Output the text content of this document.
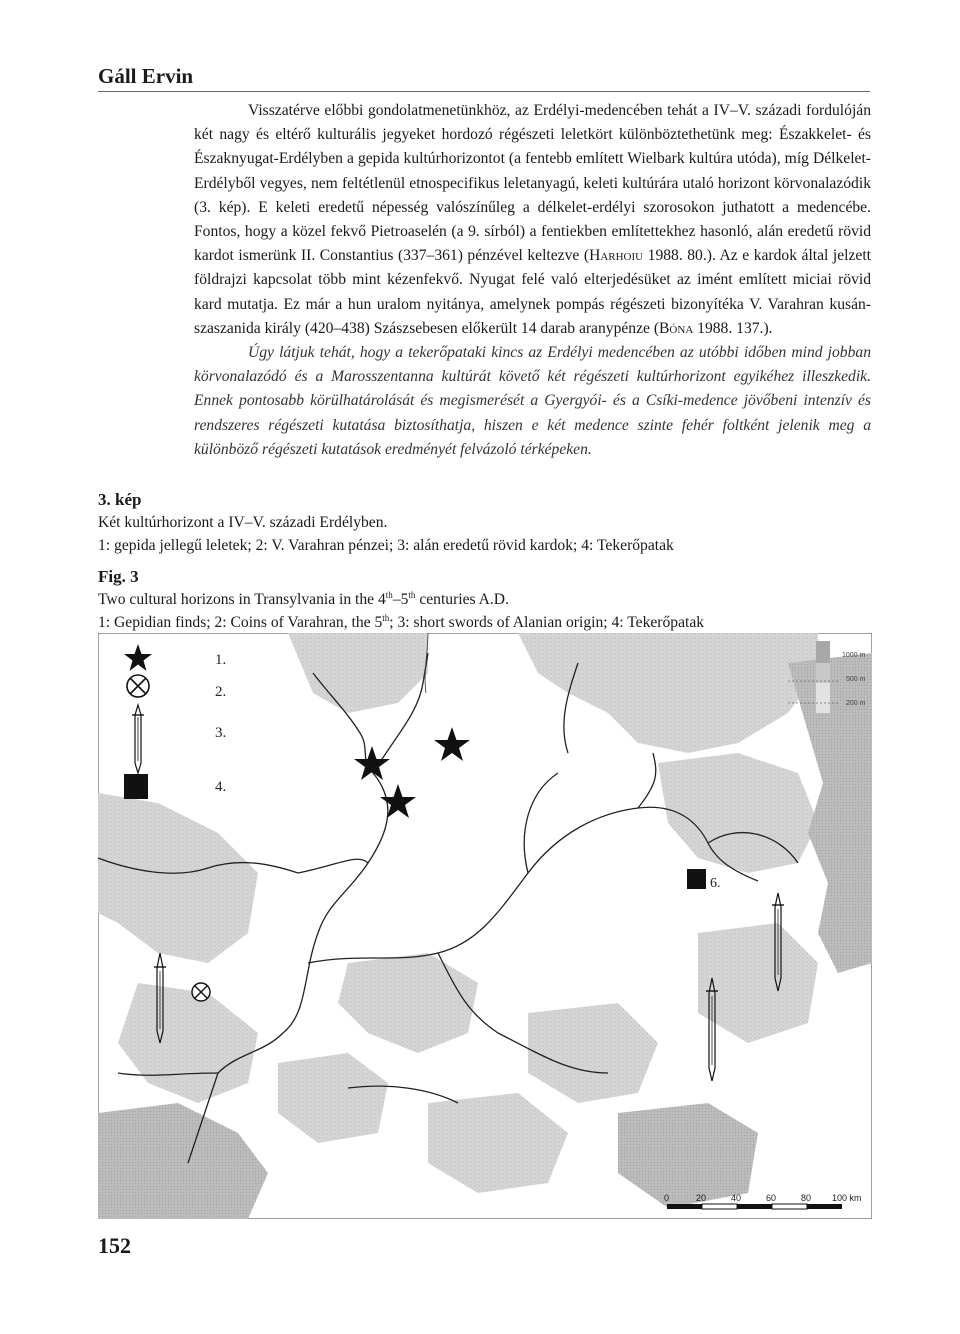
Gáll Ervin

Visszatérve előbbi gondolatmenetünkhöz, az Erdélyi-medencében tehát a IV–V. századi fordulóján két nagy és eltérő kulturális jegyeket hordozó régészeti leletkört különböztethetünk meg: Északkelet- és Északnyugat-Erdélyben a gepida kultúrhorizontot (a fentebb említett Wielbark kultúra utóda), míg Délkelet-Erdélyből vegyes, nem feltétlenül etnospecifikus leletanyagú, keleti kultúrára utaló horizont körvonalazódik (3. kép). E keleti eredetű népesség valószínűleg a délkelet-erdélyi szorosokon juthatott a medencébe. Fontos, hogy a közel fekvő Pietroaselén (a 9. sírból) a fentiekben említettekhez hasonló, alán eredetű rövid kardot ismerünk II. Constantius (337–361) pénzével keltezve (Harhoiu 1988. 80.). Az e kardok által jelzett földrajzi kapcsolat több mint kézenfekvő. Nyugat felé való elterjedésüket az imént említett miciai rövid kard mutatja. Ez már a hun uralom nyitánya, amelynek pompás régészeti bizonyítéka V. Varahran kusán-szaszanida király (420–438) Szászsebesen előkerült 14 darab aranypénze (Bóna 1988. 137.).

Úgy látjuk tehát, hogy a tekerőpataki kincs az Erdélyi medencében az utóbbi időben mind jobban körvonalazódó és a Marosszentanna kultúrát követő két régészeti kultúrhorizont egyikéhez illeszkedik. Ennek pontosabb körülhatárolását és megismerését a Gyergyói- és a Csíki-medence jövőbeni intenzív és rendszeres régészeti kutatása biztosíthatja, hiszen e két medence szinte fehér foltként jelenik meg a különböző régészeti kutatások eredményét felvázoló térképeken.

3. kép
Két kultúrhorizont a IV–V. századi Erdélyben.
1: gepida jellegű leletek; 2: V. Varahran pénzei; 3: alán eredetű rövid kardok; 4: Tekerőpatak
Fig. 3
Two cultural horizons in Transylvania in the 4th–5th centuries A.D.
1: Gepidian finds; 2: Coins of Varahran, the 5th; 3: short swords of Alanian origin; 4: Tekerőpatak
1000 m
500 m
200 m
1.
2.
3.
4.
6.
0	20	40	60	80 100 km
152
